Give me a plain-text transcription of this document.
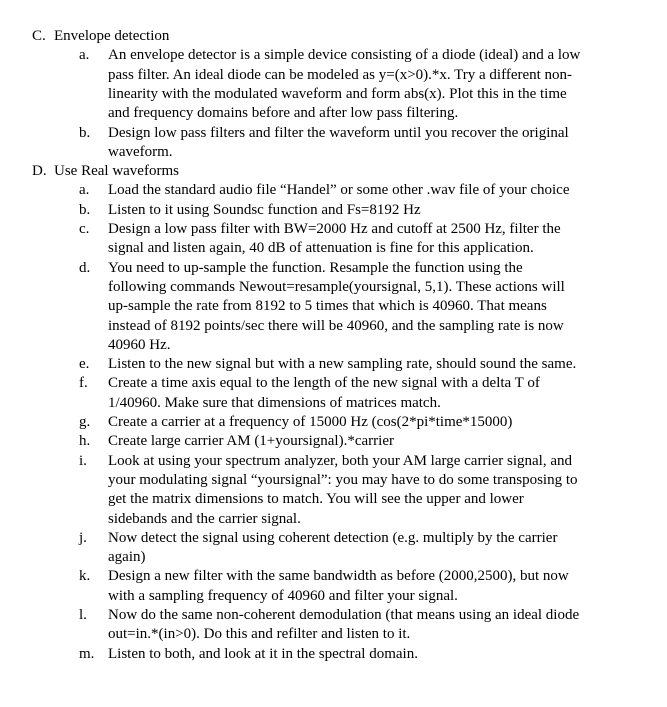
C. Envelope detection
a. An envelope detector is a simple device consisting of a diode (ideal) and a low
pass filter. An ideal diode can be modeled as y=(x>0).*x. Try a different non-
linearity with the modulated waveform and form abs(x). Plot this in the time
and frequency domains before and after low pass filtering.
b. Design low pass filters and filter the waveform until you recover the original
waveform.
D. Use Real waveforms
a. Load the standard audio file “Handel” or some other .wav file of your choice
b. Listen to it using Soundsc function and Fs=8192 Hz
c. Design a low pass filter with BW=2000 Hz and cutoff at 2500 Hz, filter the
signal and listen again, 40 dB of attenuation is fine for this application.
d. You need to up-sample the function. Resample the function using the
following commands Newout=resample(yoursignal, 5,1). These actions will
up-sample the rate from 8192 to 5 times that which is 40960. That means
instead of 8192 points/sec there will be 40960, and the sampling rate is now
40960 Hz.
e. Listen to the new signal but with a new sampling rate, should sound the same.
f. Create a time axis equal to the length of the new signal with a delta T of
1/40960. Make sure that dimensions of matrices match.
g. Create a carrier at a frequency of 15000 Hz (cos(2*pi*time*15000)
h. Create large carrier AM (1+yoursignal).*carrier
i. Look at using your spectrum analyzer, both your AM large carrier signal, and
your modulating signal “yoursignal”: you may have to do some transposing to
get the matrix dimensions to match. You will see the upper and lower
sidebands and the carrier signal.
j. Now detect the signal using coherent detection (e.g. multiply by the carrier
again)
k. Design a new filter with the same bandwidth as before (2000,2500), but now
with a sampling frequency of 40960 and filter your signal.
l. Now do the same non-coherent demodulation (that means using an ideal diode
out=in.*(in>0). Do this and refilter and listen to it.
m. Listen to both, and look at it in the spectral domain.
